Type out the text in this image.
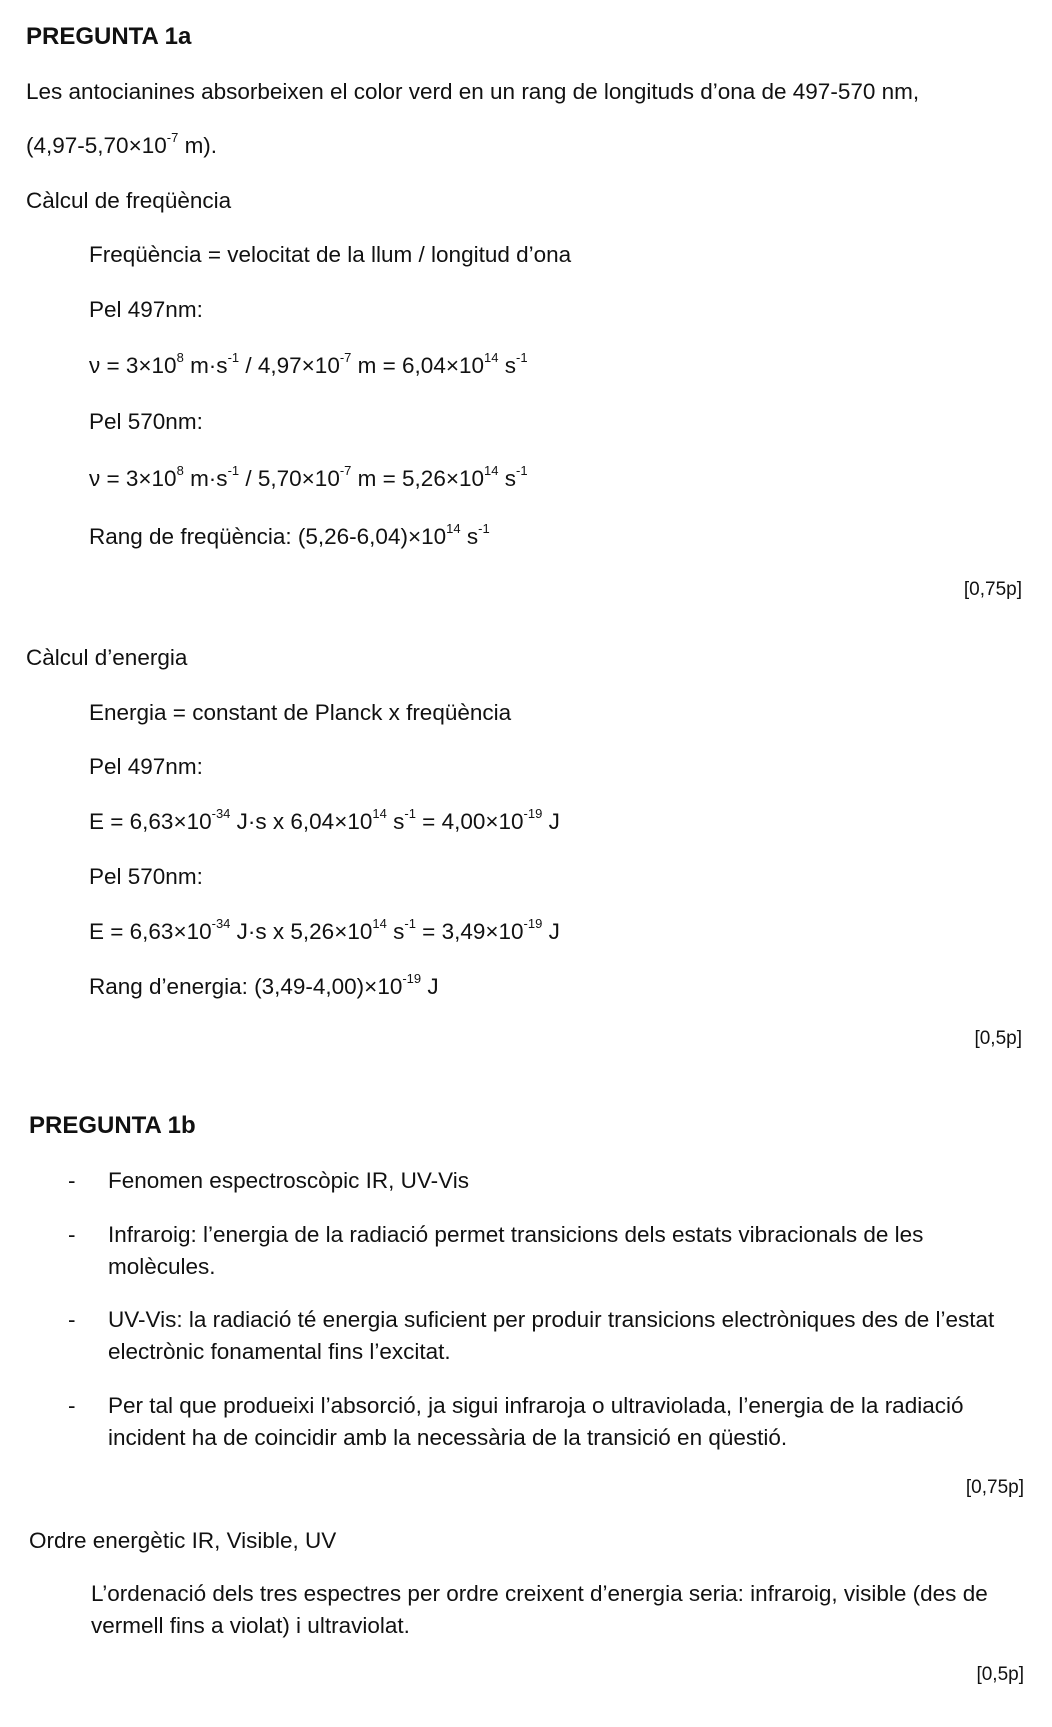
PREGUNTA 1a
Les antocianines absorbeixen el color verd en un rang de longituds d’ona de 497-570 nm,
($4,97-5,70\times 10^{-7}$ m).
Càlcul de freqüència
Freqüència = velocitat de la llum / longitud d’ona
Pel 497nm:
$\nu = 3\times 10^8$ $m\cdot s^{-1} / 4,97\times 10^{-7}$ $m = 6,04\times 10^{14}$ $s^{-1}$
Pel 570nm:
$\nu = 3\times 10^8$ $m\cdot s^{-1} / 5,70\times 10^{-7}$ $m = 5,26\times 10^{14}$ $s^{-1}$
Rang de freqüència: $(5,26-6,04)\times 10^{14}$ $s^{-1}$
[0,75p]
Càlcul d’energia
Energia = constant de Planck x freqüència
Pel 497nm:
$E = 6,63\times 10^{-34}$ J·s x $6,04\times 10^{14}$ $s^{-1} = 4,00\times 10^{-19}$ J
Pel 570nm:
$E = 6,63\times 10^{-34}$ J·s x $5,26\times 10^{14}$ $s^{-1} = 3,49\times 10^{-19}$ J
Rang d’energia: $(3,49-4,00)\times 10^{-19}$ J
[0,5p]
PREGUNTA 1b
- Fenomen espectroscòpic IR, UV-Vis
- Infraroig: l’energia de la radiació permet transicions dels estats vibracionals de les molècules.
- UV-Vis: la radiació té energia suficient per produir transicions electròniques des de l’estat electrònic fonamental fins l’excitat.
- Per tal que produeixi l’absorció, ja sigui infraroja o ultraviolada, l’energia de la radiació incident ha de coincidir amb la necessària de la transició en qüestió.
[0,75p]
Ordre energètic IR, Visible, UV
L’ordenació dels tres espectres per ordre creixent d’energia seria: infraroig, visible (des de vermell fins a violat) i ultraviolat.
[0,5p]
